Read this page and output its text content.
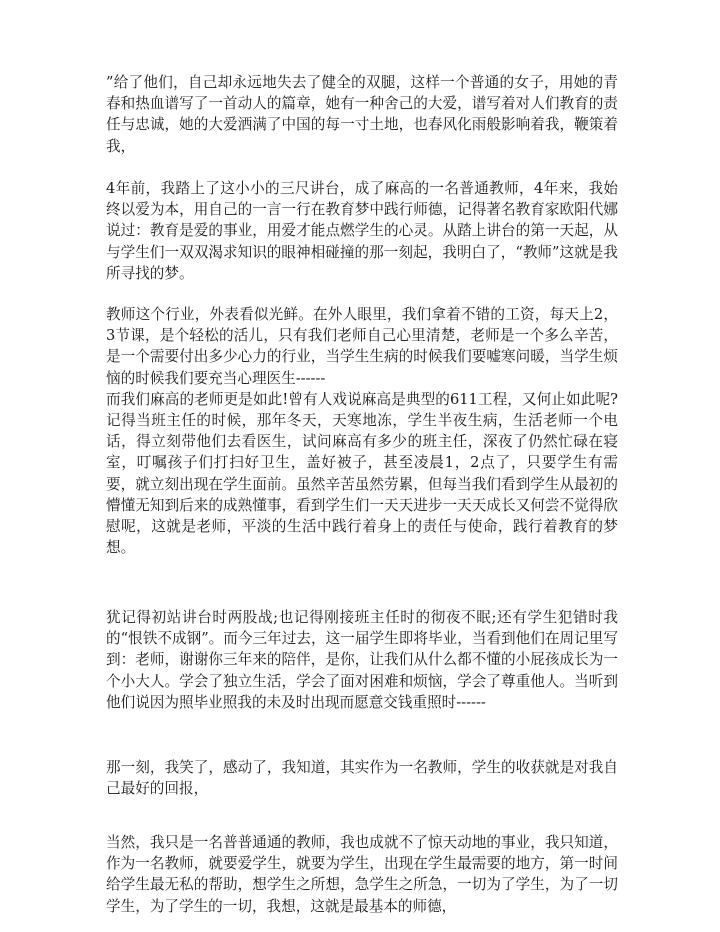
”给了他们，自己却永远地失去了健全的双腿，这样一个普通的女子，用她的青春和热血谱写了一首动人的篇章，她有一种舍己的大爱，谱写着对人们教育的责任与忠诚，她的大爱洒满了中国的每一寸土地，也春风化雨般影响着我，鞭策着我，

4年前，我踏上了这小小的三尺讲台，成了麻高的一名普通教师，4年来，我始终以爱为本，用自己的一言一行在教育梦中践行师德，记得著名教育家欧阳代娜说过：教育是爱的事业，用爱才能点燃学生的心灵。从踏上讲台的第一天起，从与学生们一双双渴求知识的眼神相碰撞的那一刻起，我明白了，“教师”这就是我所寻找的梦。

教师这个行业，外表看似光鲜。在外人眼里，我们拿着不错的工资，每天上2，3节课，是个轻松的活儿，只有我们老师自己心里清楚，老师是一个多么辛苦，是一个需要付出多少心力的行业，当学生生病的时候我们要嘘寒问暖，当学生烦恼的时候我们要充当心理医生------
而我们麻高的老师更是如此!曾有人戏说麻高是典型的611工程，又何止如此呢?记得当班主任的时候，那年冬天，天寒地冻，学生半夜生病，生活老师一个电话，得立刻带他们去看医生，试问麻高有多少的班主任，深夜了仍然忙碌在寝室，叮嘱孩子们打扫好卫生，盖好被子，甚至凌晨1，2点了，只要学生有需要，就立刻出现在学生面前。虽然辛苦虽然劳累，但每当我们看到学生从最初的懵懂无知到后来的成熟懂事，看到学生们一天天进步一天天成长又何尝不觉得欣慰呢，这就是老师，平淡的生活中践行着身上的责任与使命，践行着教育的梦想。

犹记得初站讲台时两股战;也记得刚接班主任时的彻夜不眠;还有学生犯错时我的“恨铁不成钢”。而今三年过去，这一届学生即将毕业，当看到他们在周记里写到：老师，谢谢你三年来的陪伴，是你，让我们从什么都不懂的小屁孩成长为一个小大人。学会了独立生活，学会了面对困难和烦恼，学会了尊重他人。当听到他们说因为照毕业照我的未及时出现而愿意交钱重照时------

那一刻，我笑了，感动了，我知道，其实作为一名教师，学生的收获就是对我自己最好的回报，

当然，我只是一名普普通通的教师，我也成就不了惊天动地的事业，我只知道，作为一名教师，就要爱学生，就要为学生，出现在学生最需要的地方，第一时间给学生最无私的帮助，想学生之所想，急学生之所急，一切为了学生，为了一切学生，为了学生的一切，我想，这就是最基本的师德，
